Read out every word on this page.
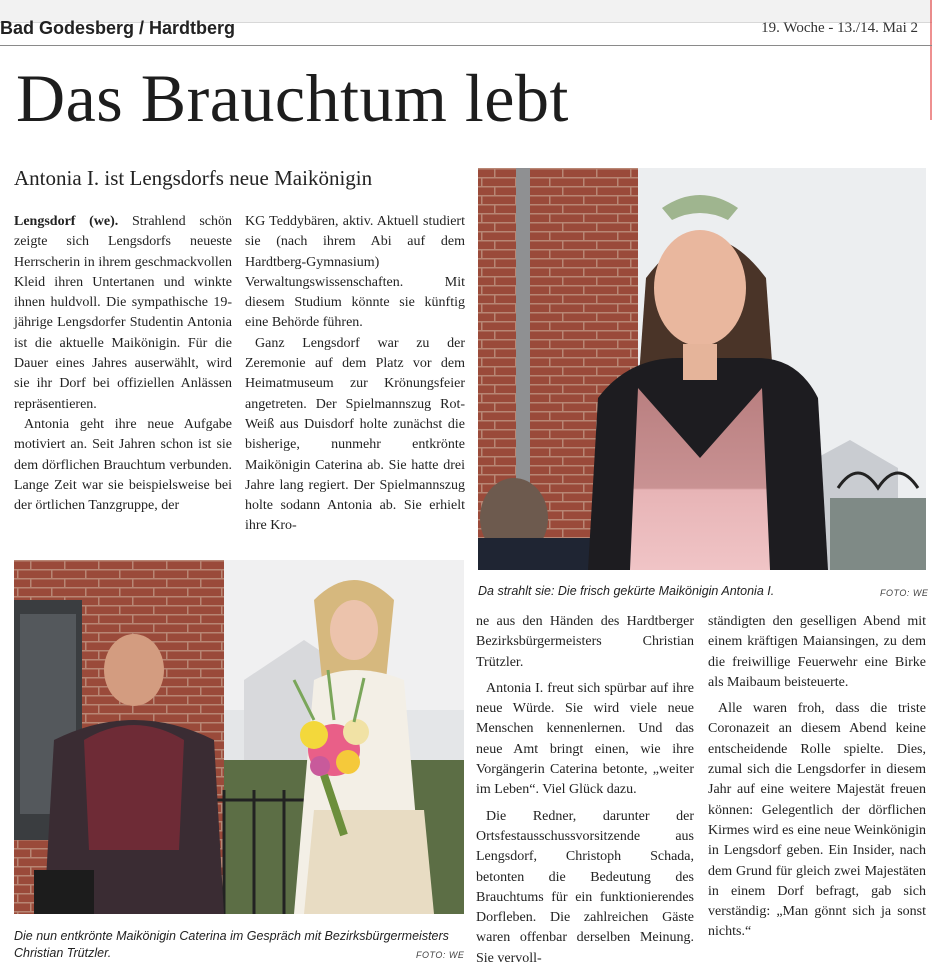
Bad Godesberg / Hardtberg	19. Woche - 13./14. Mai 2
Das Brauchtum lebt
Antonia I. ist Lengsdorfs neue Maikönigin

Lengsdorf (we). Strahlend schön zeigte sich Lengsdorfs neueste Herrscherin in ihrem geschmackvollen Kleid ihren Untertanen und winkte ihnen huldvoll. Die sympathische 19-jährige Lengsdorfer Studentin Antonia ist die aktuelle Maikönigin. Für die Dauer eines Jahres auserwählt, wird sie ihr Dorf bei offiziellen Anlässen repräsentieren.

Antonia geht ihre neue Aufgabe motiviert an. Seit Jahren schon ist sie dem dörflichen Brauchtum verbunden. Lange Zeit war sie beispielsweise bei der örtlichen Tanzgruppe, der

KG Teddybären, aktiv. Aktuell studiert sie (nach ihrem Abi auf dem Hardtberg-Gymnasium) Verwaltungswissenschaften. Mit diesem Studium könnte sie künftig eine Behörde führen.

Ganz Lengsdorf war zu der Zeremonie auf dem Platz vor dem Heimatmuseum zur Krönungsfeier angetreten. Der Spielmannszug Rot-Weiß aus Duisdorf holte zunächst die bisherige, nunmehr entkrönte Maikönigin Caterina ab. Sie hatte drei Jahre lang regiert. Der Spielmannszug holte sodann Antonia ab. Sie erhielt ihre Kro-

Da strahlt sie: Die frisch gekürte Maikönigin Antonia I.	FOTO: WE
Die nun entkrönte Maikönigin Caterina im Gespräch mit Bezirksbürgermeisters Christian Trützler.	FOTO: WE

ne aus den Händen des Hardtberger Bezirksbürgermeisters Christian Trützler.

Antonia I. freut sich spürbar auf ihre neue Würde. Sie wird viele neue Menschen kennenlernen. Und das neue Amt bringt einen, wie ihre Vorgängerin Caterina betonte, „weiter im Leben“. Viel Glück dazu.

Die Redner, darunter der Ortsfestausschussvorsitzende aus Lengsdorf, Christoph Schada, betonten die Bedeutung des Brauchtums für ein funktionierendes Dorfleben. Die zahlreichen Gäste waren offenbar derselben Meinung. Sie vervoll-

ständigten den geselligen Abend mit einem kräftigen Maiansingen, zu dem die freiwillige Feuerwehr eine Birke als Maibaum beisteuerte.

Alle waren froh, dass die triste Coronazeit an diesem Abend keine entscheidende Rolle spielte. Dies, zumal sich die Lengsdorfer in diesem Jahr auf eine weitere Majestät freuen können: Gelegentlich der dörflichen Kirmes wird es eine neue Weinkönigin in Lengsdorf geben. Ein Insider, nach dem Grund für gleich zwei Majestäten in einem Dorf befragt, gab sich verständig: „Man gönnt sich ja sonst nichts.“
